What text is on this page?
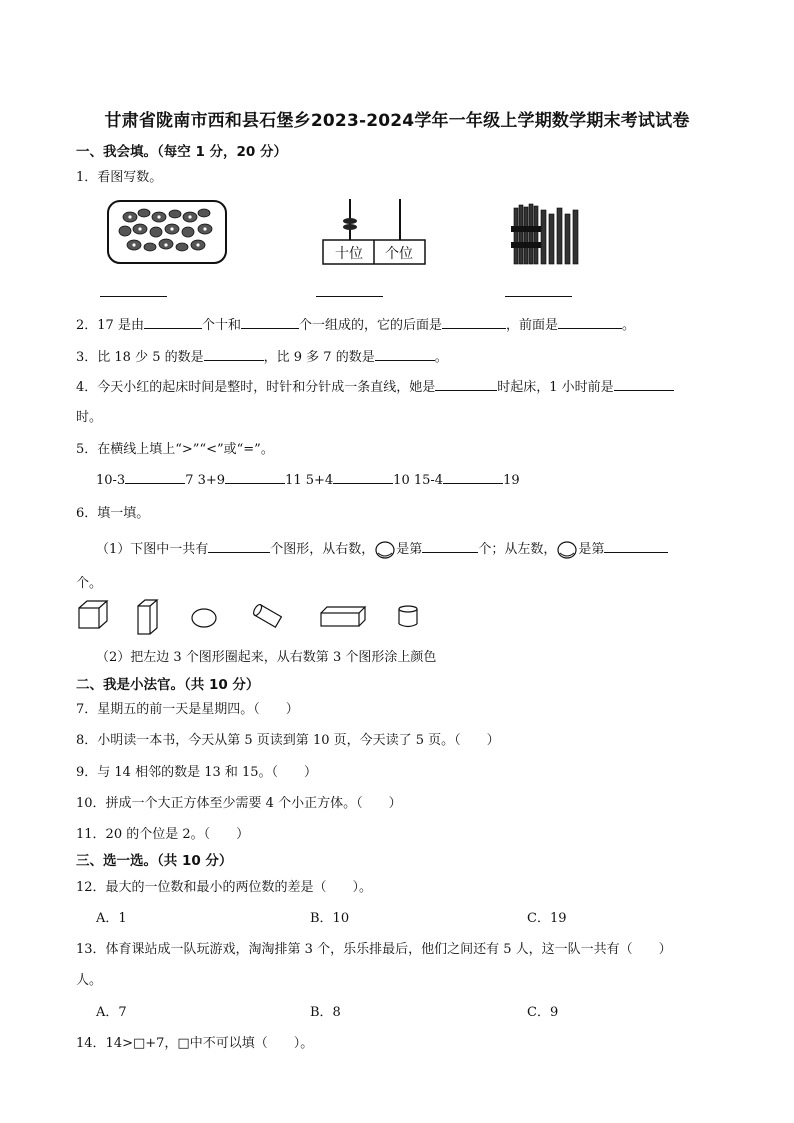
甘肃省陇南市西和县石堡乡2023-2024学年一年级上学期数学期末考试试卷
一、我会填。（每空 1 分，20 分）
1．看图写数。
十位 个位
2．17 是由	个十和	个一组成的，它的后面是	，前面是	。
3．比 18 少 5 的数是	，比 9 多 7 的数是	。
4．今天小红的起床时间是整时，时针和分针成一条直线，她是	时起床，1 小时前是
时。
5．在横线上填上“>”“<”或“=”。
10-3	7 3+9	11 5+4	10 15-4	19
6．填一填。
（1）下图中一共有	个图形，从右数， 是第	个；从左数， 是第
个。
（2）把左边 3 个图形圈起来，从右数第 3 个图形涂上颜色
二、我是小法官。（共 10 分）
7．星期五的前一天是星期四。（　　）
8．小明读一本书，今天从第 5 页读到第 10 页，今天读了 5 页。（　　）
9．与 14 相邻的数是 13 和 15。（　　）
10．拼成一个大正方体至少需要 4 个小正方体。（　　）
11．20 的个位是 2。（　　）
三、选一选。（共 10 分）
12．最大的一位数和最小的两位数的差是（　　）。
A．1	B．10	C．19
13．体育课站成一队玩游戏，淘淘排第 3 个，乐乐排最后，他们之间还有 5 人，这一队一共有（　　）
人。
A．7	B．8	C．9
14．14>□+7，□中不可以填（　　）。
